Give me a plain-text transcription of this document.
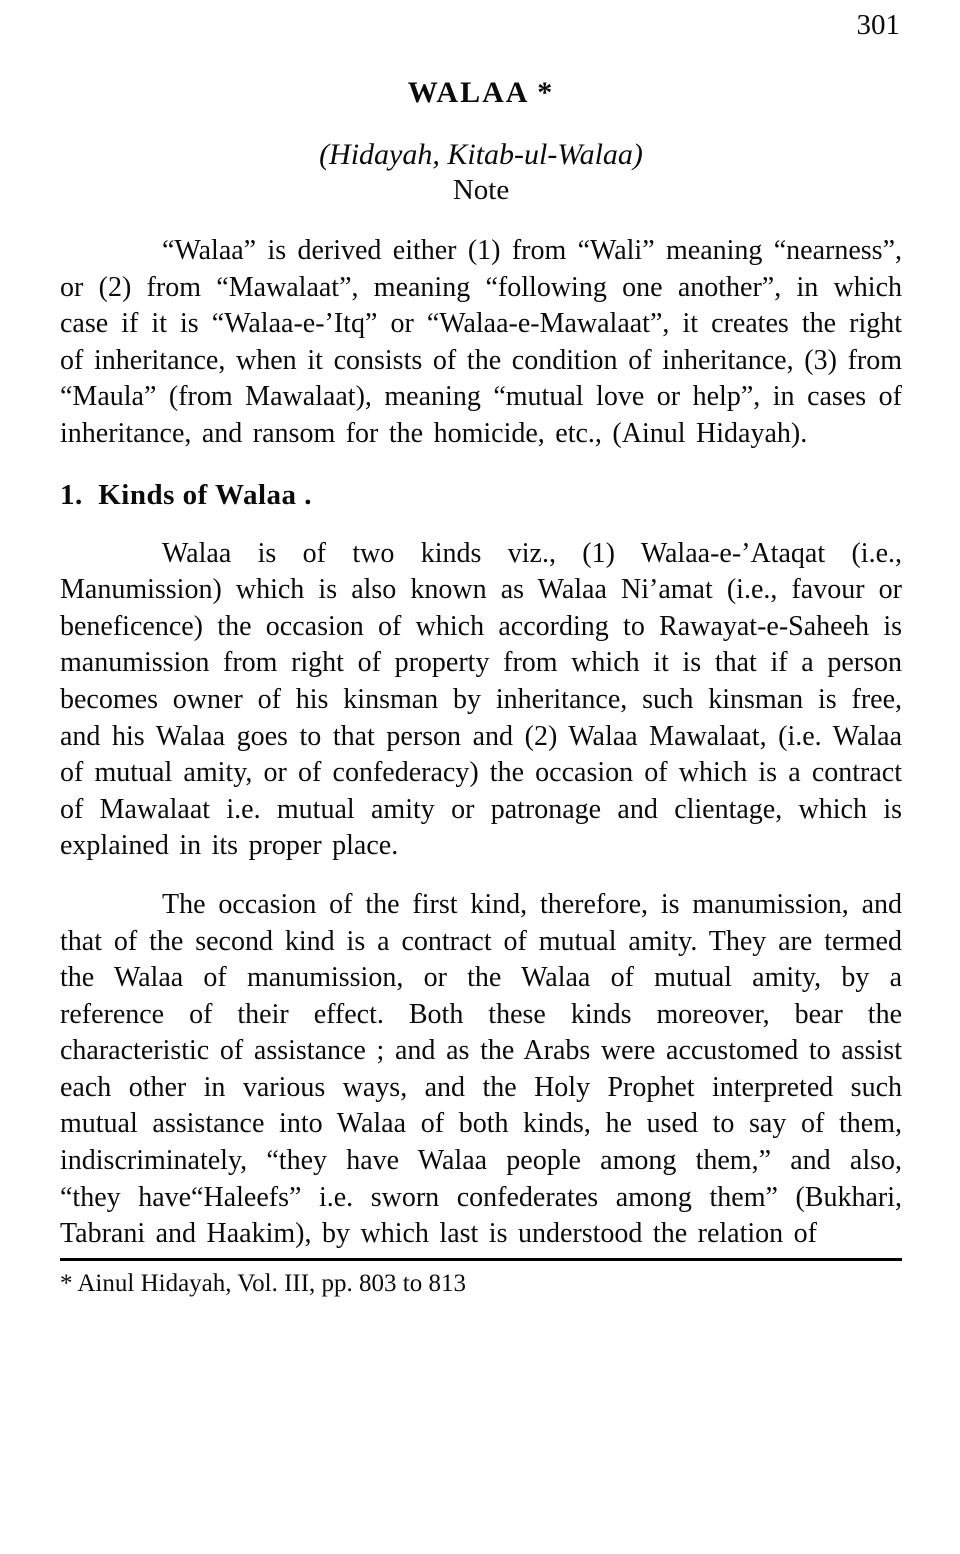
301
WALAA *
(Hidayah, Kitab-ul-Walaa)
Note

“Walaa” is derived either (1) from “Wali” meaning “nearness”, or (2) from “Mawalaat”, meaning “following one another”, in which case if it is “Walaa-e-’Itq” or “Walaa-e-Mawalaat”, it creates the right of inheritance, when it consists of the condition of inheritance, (3) from “Maula” (from Mawalaat), meaning “mutual love or help”, in cases of inheritance, and ransom for the homicide, etc., (Ainul Hidayah).

1.  Kinds of Walaa .

Walaa is of two kinds viz., (1) Walaa-e-’Ataqat (i.e., Manumission) which is also known as Walaa Ni’amat (i.e., favour or beneficence) the occasion of which according to Rawayat-e-Saheeh is manumission from right of property from which it is that if a person becomes owner of his kinsman by inheritance, such kinsman is free, and his Walaa goes to that person and (2) Walaa Mawalaat, (i.e. Walaa of mutual amity, or of confederacy) the occasion of which is a contract of Mawalaat i.e. mutual amity or patronage and clientage, which is explained in its proper place.

The occasion of the first kind, therefore, is manumission, and that of the second kind is a contract of mutual amity. They are termed the Walaa of manumission, or the Walaa of mutual amity, by a reference of their effect. Both these kinds moreover, bear the characteristic of assistance ; and as the Arabs were accustomed to assist each other in various ways, and the Holy Prophet interpreted such mutual assistance into Walaa of both kinds, he used to say of them, indiscriminately, “they have Walaa people among them,” and also, “they have“Haleefs” i.e. sworn confederates among them” (Bukhari, Tabrani and Haakim), by which last is understood the relation of

* Ainul Hidayah, Vol. III, pp. 803 to 813
